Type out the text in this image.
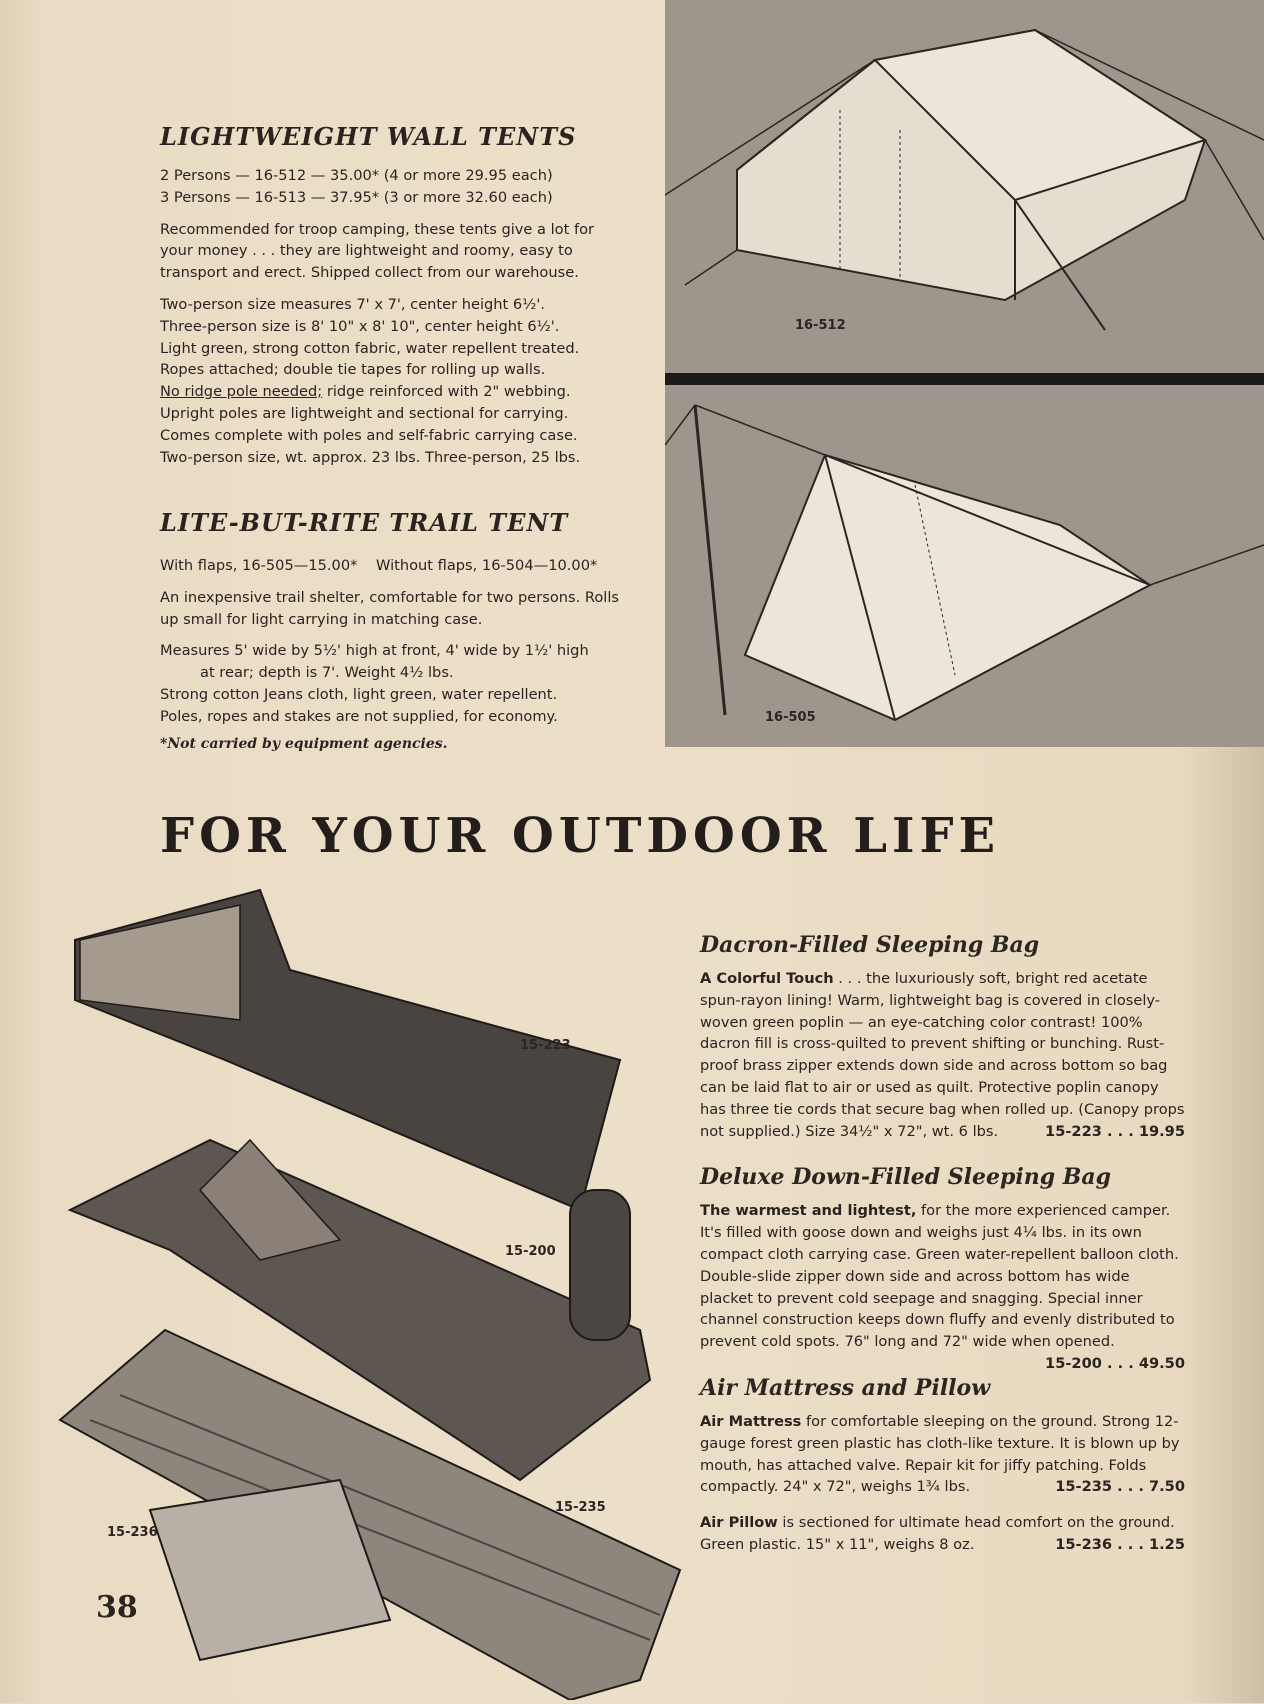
LIGHTWEIGHT WALL TENTS

2 Persons — 16-512 — 35.00* (4 or more 29.95 each)

3 Persons — 16-513 — 37.95* (3 or more 32.60 each)

Recommended for troop camping, these tents give a lot for your money . . . they are lightweight and roomy, easy to transport and erect. Shipped collect from our warehouse.

Two-person size measures 7' x 7', center height 6½'.

Three-person size is 8' 10" x 8' 10", center height 6½'.

Light green, strong cotton fabric, water repellent treated.

Ropes attached; double tie tapes for rolling up walls.

No ridge pole needed; ridge reinforced with 2" webbing.

Upright poles are lightweight and sectional for carrying.

Comes complete with poles and self-fabric carrying case.

Two-person size, wt. approx. 23 lbs. Three-person, 25 lbs.

LITE-BUT-RITE TRAIL TENT

With flaps, 16-505—15.00*    Without flaps, 16-504—10.00*

An inexpensive trail shelter, comfortable for two persons. Rolls up small for light carrying in matching case.

Measures 5' wide by 5½' high at front, 4' wide by 1½' high

at rear; depth is 7'. Weight 4½ lbs.

Strong cotton Jeans cloth, light green, water repellent.

Poles, ropes and stakes are not supplied, for economy.

*Not carried by equipment agencies.

16-512
16-505
FOR YOUR OUTDOOR LIFE
15-223
15-200
15-235
15-236
38
Dacron-Filled Sleeping Bag
A Colorful Touch . . . the luxuriously soft, bright red acetate spun-rayon lining! Warm, lightweight bag is covered in closely-woven green poplin — an eye-catching color contrast! 100% dacron fill is cross-quilted to prevent shifting or bunching. Rust-proof brass zipper extends down side and across bottom so bag can be laid flat to air or used as quilt. Protective poplin canopy has three tie cords that secure bag when rolled up. (Canopy props not supplied.) Size 34½" x 72", wt. 6 lbs.	15-223 . . . 19.95
Deluxe Down-Filled Sleeping Bag
The warmest and lightest, for the more experienced camper. It's filled with goose down and weighs just 4¼ lbs. in its own compact cloth carrying case. Green water-repellent balloon cloth. Double-slide zipper down side and across bottom has wide placket to prevent cold seepage and snagging. Special inner channel construction keeps down fluffy and evenly distributed to prevent cold spots. 76" long and 72" wide when opened.
15-200 . . . 49.50
Air Mattress and Pillow
Air Mattress for comfortable sleeping on the ground. Strong 12-gauge forest green plastic has cloth-like texture. It is blown up by mouth, has attached valve. Repair kit for jiffy patching. Folds compactly. 24" x 72", weighs 1¾ lbs.	15-235 . . . 7.50
Air Pillow is sectioned for ultimate head comfort on the ground. Green plastic. 15" x 11", weighs 8 oz.	15-236 . . . 1.25
